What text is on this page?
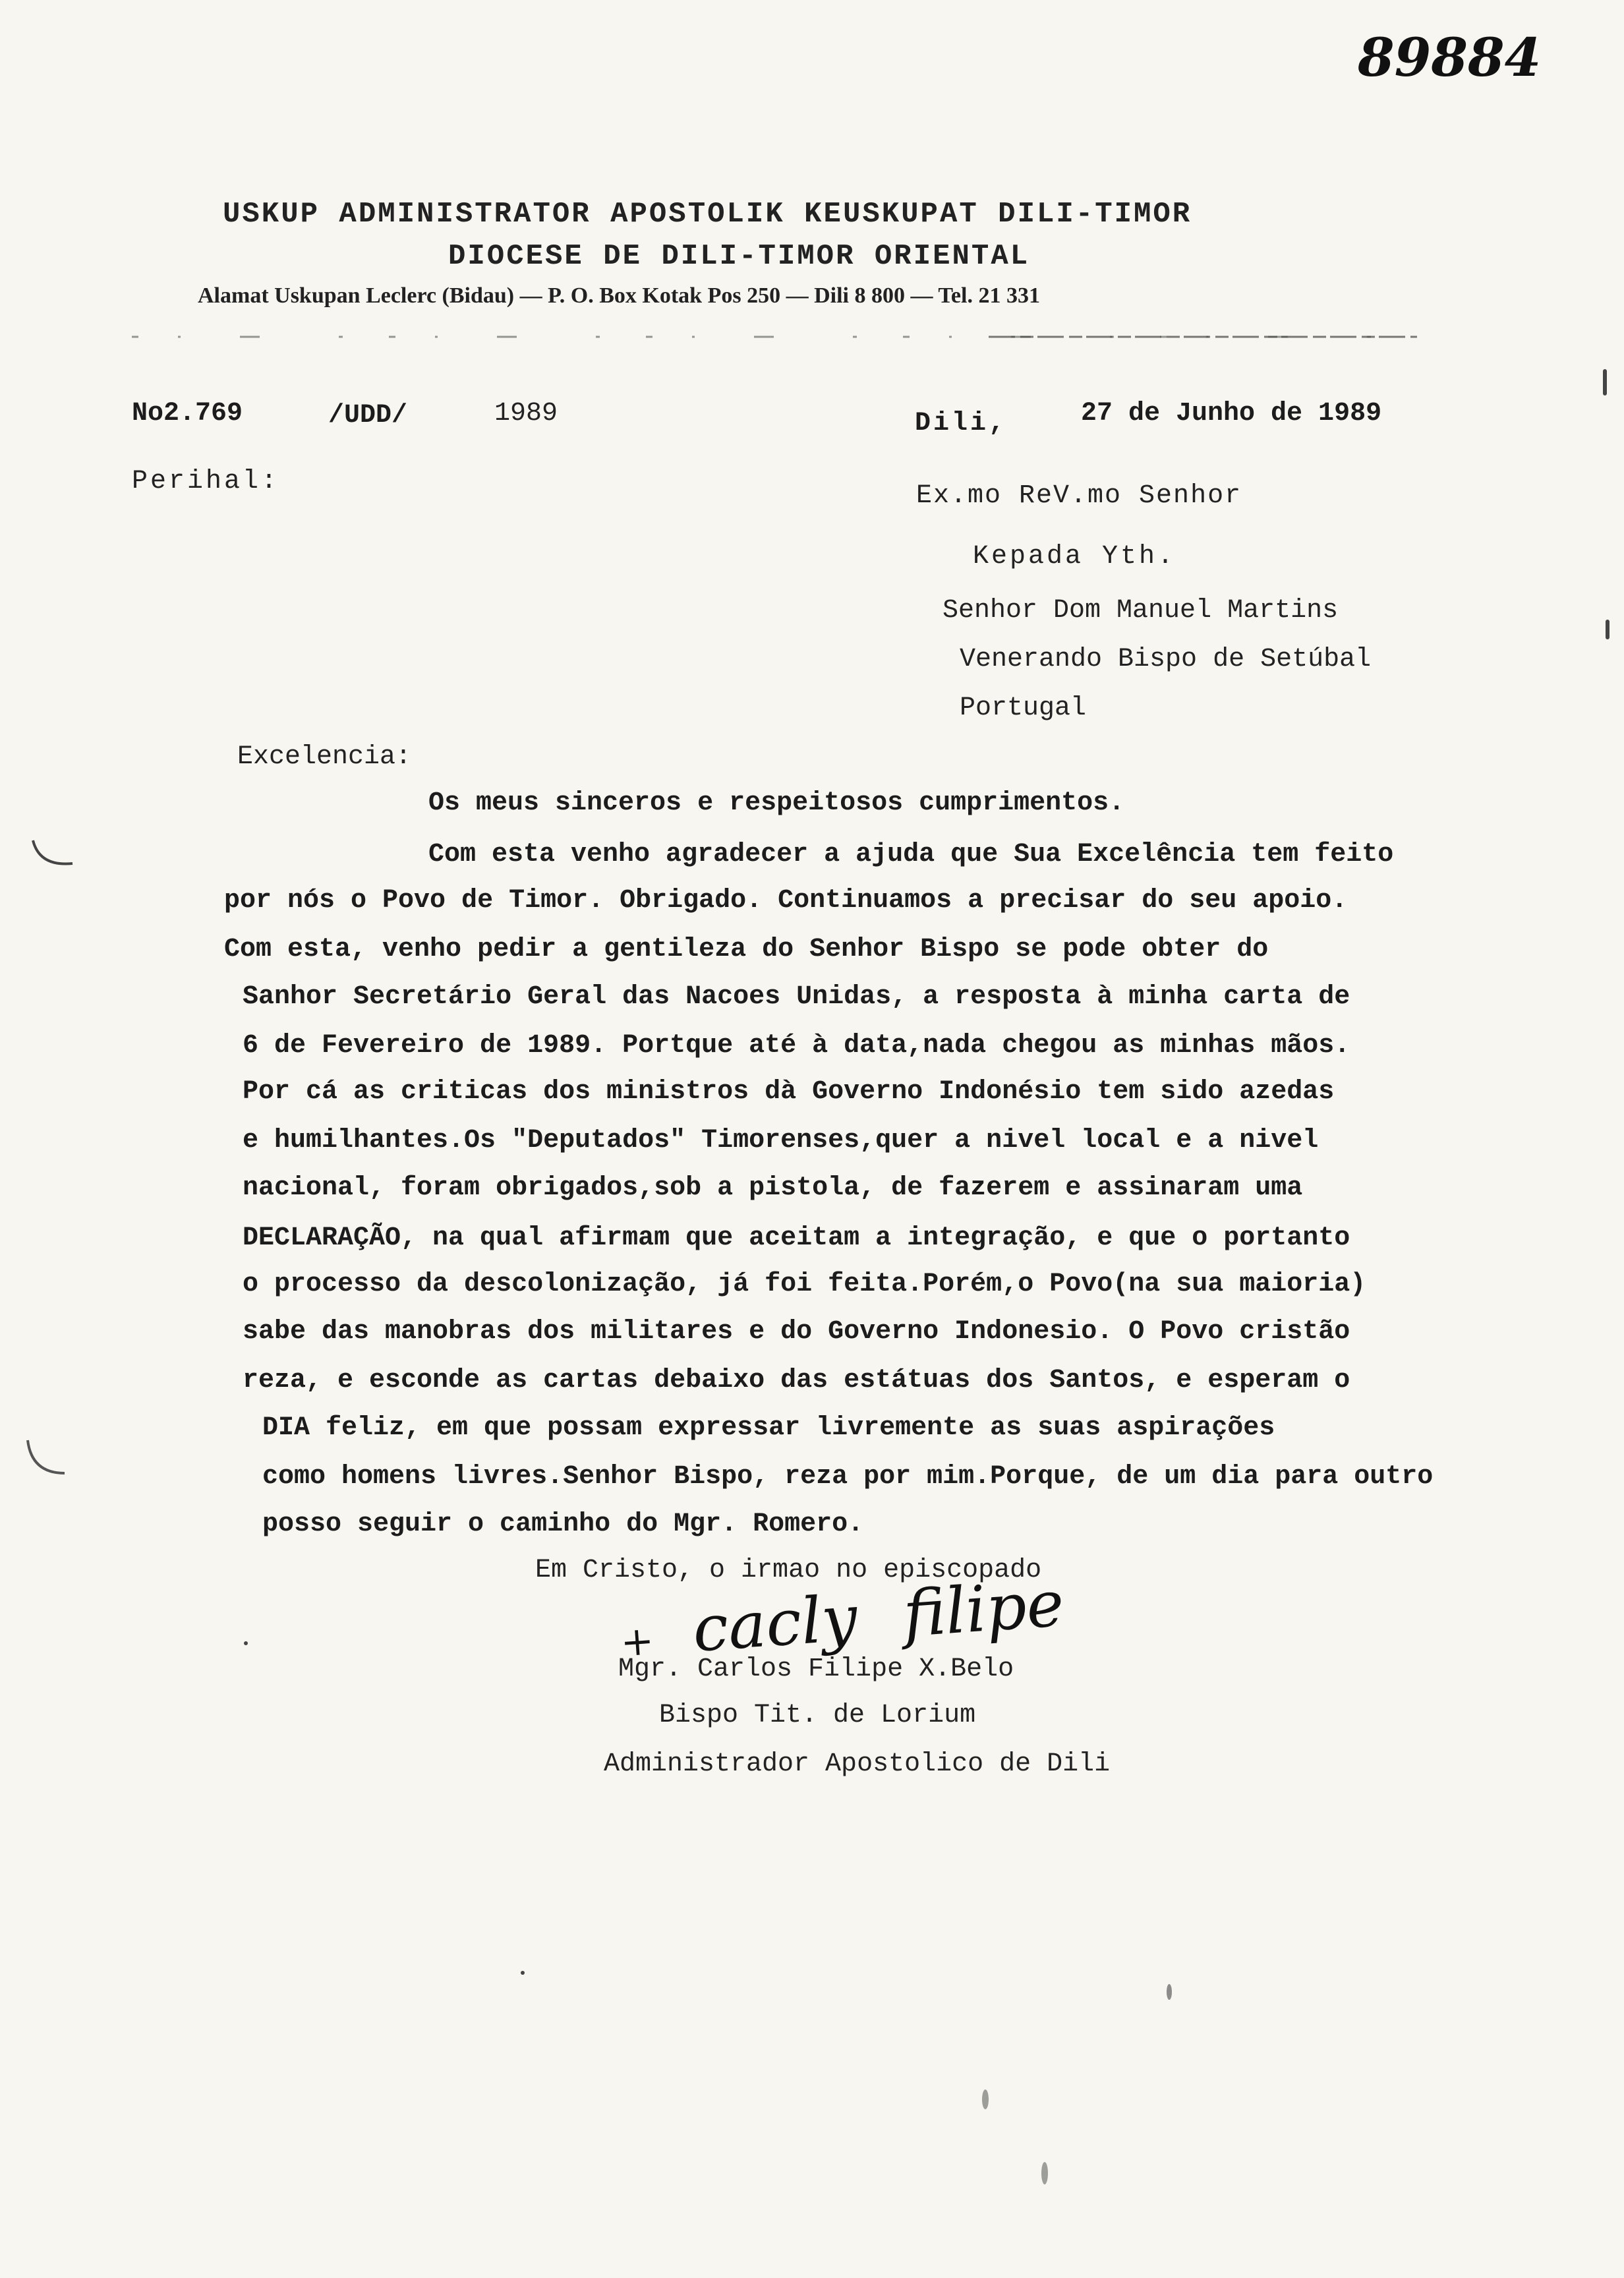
89884
USKUP ADMINISTRATOR APOSTOLIK KEUSKUPAT DILI-TIMOR
DIOCESE DE DILI-TIMOR ORIENTAL
Alamat Uskupan Leclerc (Bidau) — P. O. Box Kotak Pos 250 — Dili 8 800 — Tel. 21 331
No2.769	/UDD/	1989
Perihal:
Dili,	27 de Junho de 1989
Ex.mo ReV.mo Senhor
Kepada Yth.
Senhor Dom Manuel Martins
Venerando Bispo de Setúbal
Portugal
Excelencia:
Os meus sinceros e respeitosos cumprimentos.
Com esta venho agradecer a ajuda que Sua Excelência tem feito
por nós o Povo de Timor. Obrigado. Continuamos a precisar do seu apoio.
Com esta, venho pedir a gentileza do Senhor Bispo se pode obter do
Sanhor Secretário Geral das Nacoes Unidas, a resposta à minha carta de
6 de Fevereiro de 1989. Portque até à data,nada chegou as minhas mãos.
Por cá as criticas dos ministros dà Governo Indonésio tem sido azedas
e humilhantes.Os "Deputados" Timorenses,quer a nivel local e a nivel
nacional, foram obrigados,sob a pistola, de fazerem e assinaram uma
DECLARAÇÃO, na qual afirmam que aceitam a integração, e que o portanto
o processo da descolonização, já foi feita.Porém,o Povo(na sua maioria)
sabe das manobras dos militares e do Governo Indonesio. O Povo cristão
reza, e esconde as cartas debaixo das estátuas dos Santos, e esperam o
DIA feliz, em que possam expressar livremente as suas aspirações
como homens livres.Senhor Bispo, reza por mim.Porque, de um dia para outro
posso seguir o caminho do Mgr. Romero.
Em Cristo, o irmao no episcopado
+ cacly filipe
Mgr. Carlos Filipe X.Belo
Bispo Tit. de Lorium
Administrador Apostolico de Dili
